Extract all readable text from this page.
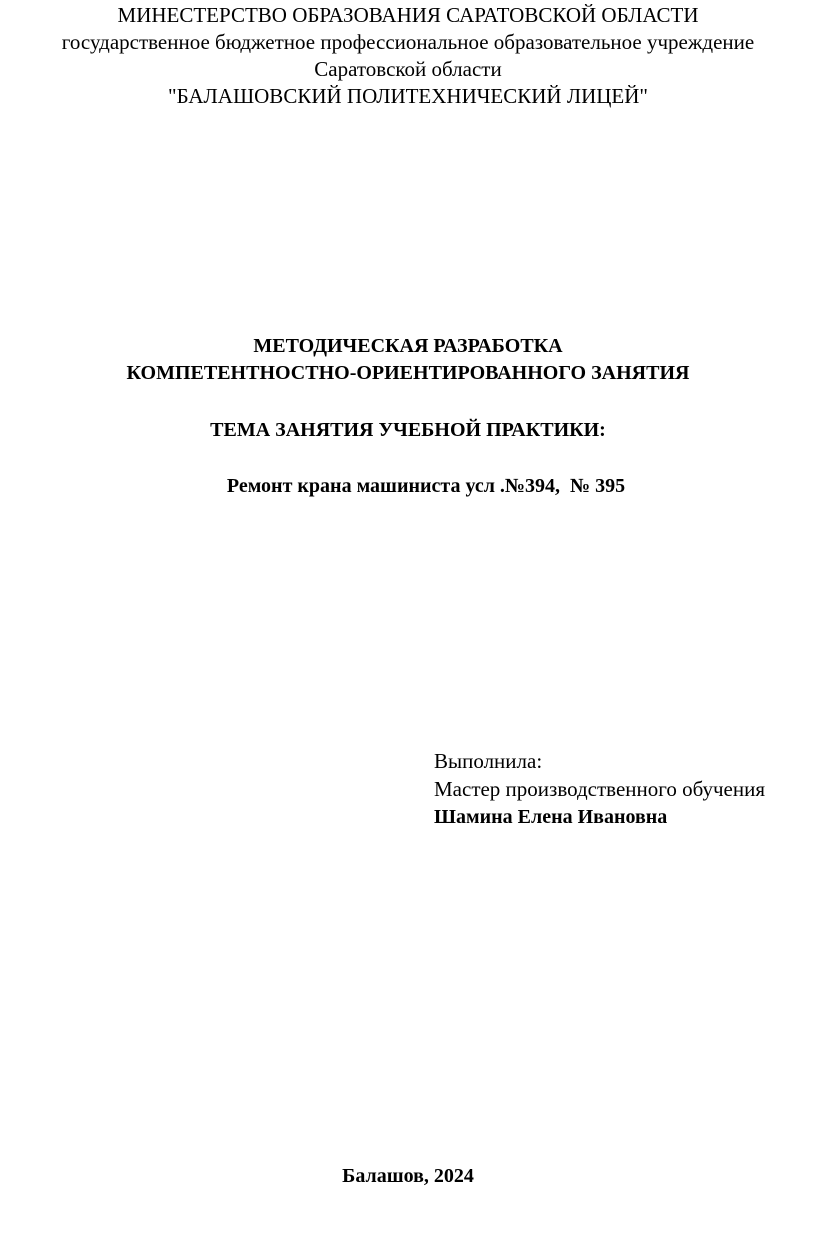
МИНЕСТЕРСТВО ОБРАЗОВАНИЯ САРАТОВСКОЙ ОБЛАСТИ
государственное бюджетное профессиональное образовательное учреждение
Саратовской области
"БАЛАШОВСКИЙ ПОЛИТЕХНИЧЕСКИЙ ЛИЦЕЙ"
МЕТОДИЧЕСКАЯ РАЗРАБОТКА
КОМПЕТЕНТНОСТНО-ОРИЕНТИРОВАННОГО ЗАНЯТИЯ
ТЕМА ЗАНЯТИЯ УЧЕБНОЙ ПРАКТИКИ:
Ремонт крана машиниста усл .№394,  № 395
Выполнила:
Мастер производственного обучения
Шамина Елена Ивановна
Балашов, 2024
